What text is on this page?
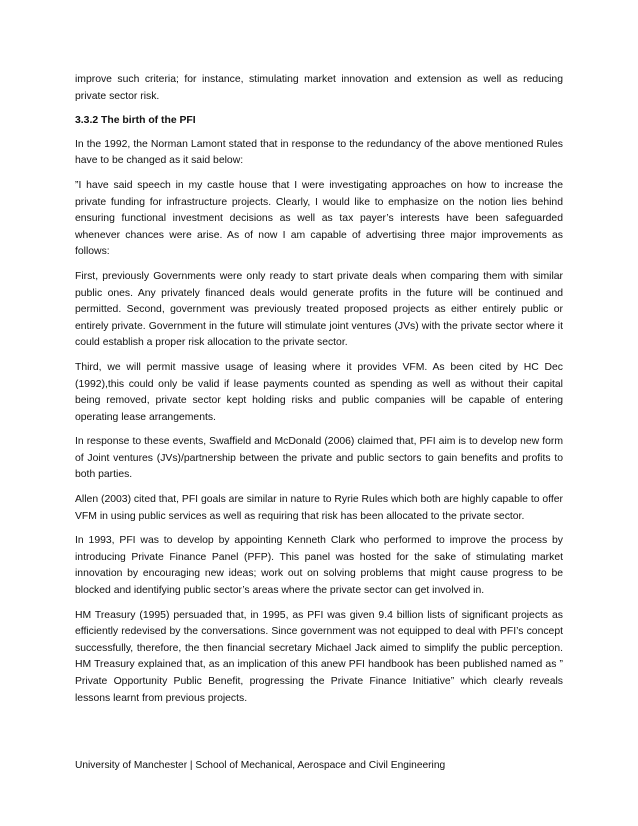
improve such criteria; for instance, stimulating market innovation and extension as well as reducing private sector risk.

3.3.2 The birth of the PFI

In the 1992, the Norman Lamont stated that in response to the redundancy of the above mentioned Rules have to be changed as it said below:

”I have said speech in my castle house that I were investigating approaches on how to increase the private funding for infrastructure projects. Clearly, I would like to emphasize on the notion lies behind ensuring functional investment decisions as well as tax payer’s interests have been safeguarded whenever chances were arise. As of now I am capable of advertising three major improvements as follows:

First, previously Governments were only ready to start private deals when comparing them with similar public ones. Any privately financed deals would generate profits in the future will be continued and permitted. Second, government was previously treated proposed projects as either entirely public or entirely private. Government in the future will stimulate joint ventures (JVs) with the private sector where it could establish a proper risk allocation to the private sector.

Third, we will permit massive usage of leasing where it provides VFM. As been cited by HC Dec (1992),this could only be valid if lease payments counted as spending as well as without their capital being removed, private sector kept holding risks and public companies will be capable of entering operating lease arrangements.

In response to these events, Swaffield and McDonald (2006) claimed that, PFI aim is to develop new form of Joint ventures (JVs)/partnership between the private and public sectors to gain benefits and profits to both parties.

Allen (2003) cited that, PFI goals are similar in nature to Ryrie Rules which both are highly capable to offer VFM in using public services as well as requiring that risk has been allocated to the private sector.

In 1993, PFI was to develop by appointing Kenneth Clark who performed to improve the process by introducing Private Finance Panel (PFP). This panel was hosted for the sake of stimulating market innovation by encouraging new ideas; work out on solving problems that might cause progress to be blocked and identifying public sector’s areas where the private sector can get involved in.

HM Treasury (1995) persuaded that, in 1995, as PFI was given 9.4 billion lists of significant projects as efficiently redevised by the conversations. Since government was not equipped to deal with PFI’s concept successfully, therefore, the then financial secretary Michael Jack aimed to simplify the public perception. HM Treasury explained that, as an implication of this anew PFI handbook has been published named as ” Private Opportunity Public Benefit, progressing the Private Finance Initiative” which clearly reveals lessons learnt from previous projects.

University of Manchester | School of Mechanical, Aerospace and Civil Engineering
